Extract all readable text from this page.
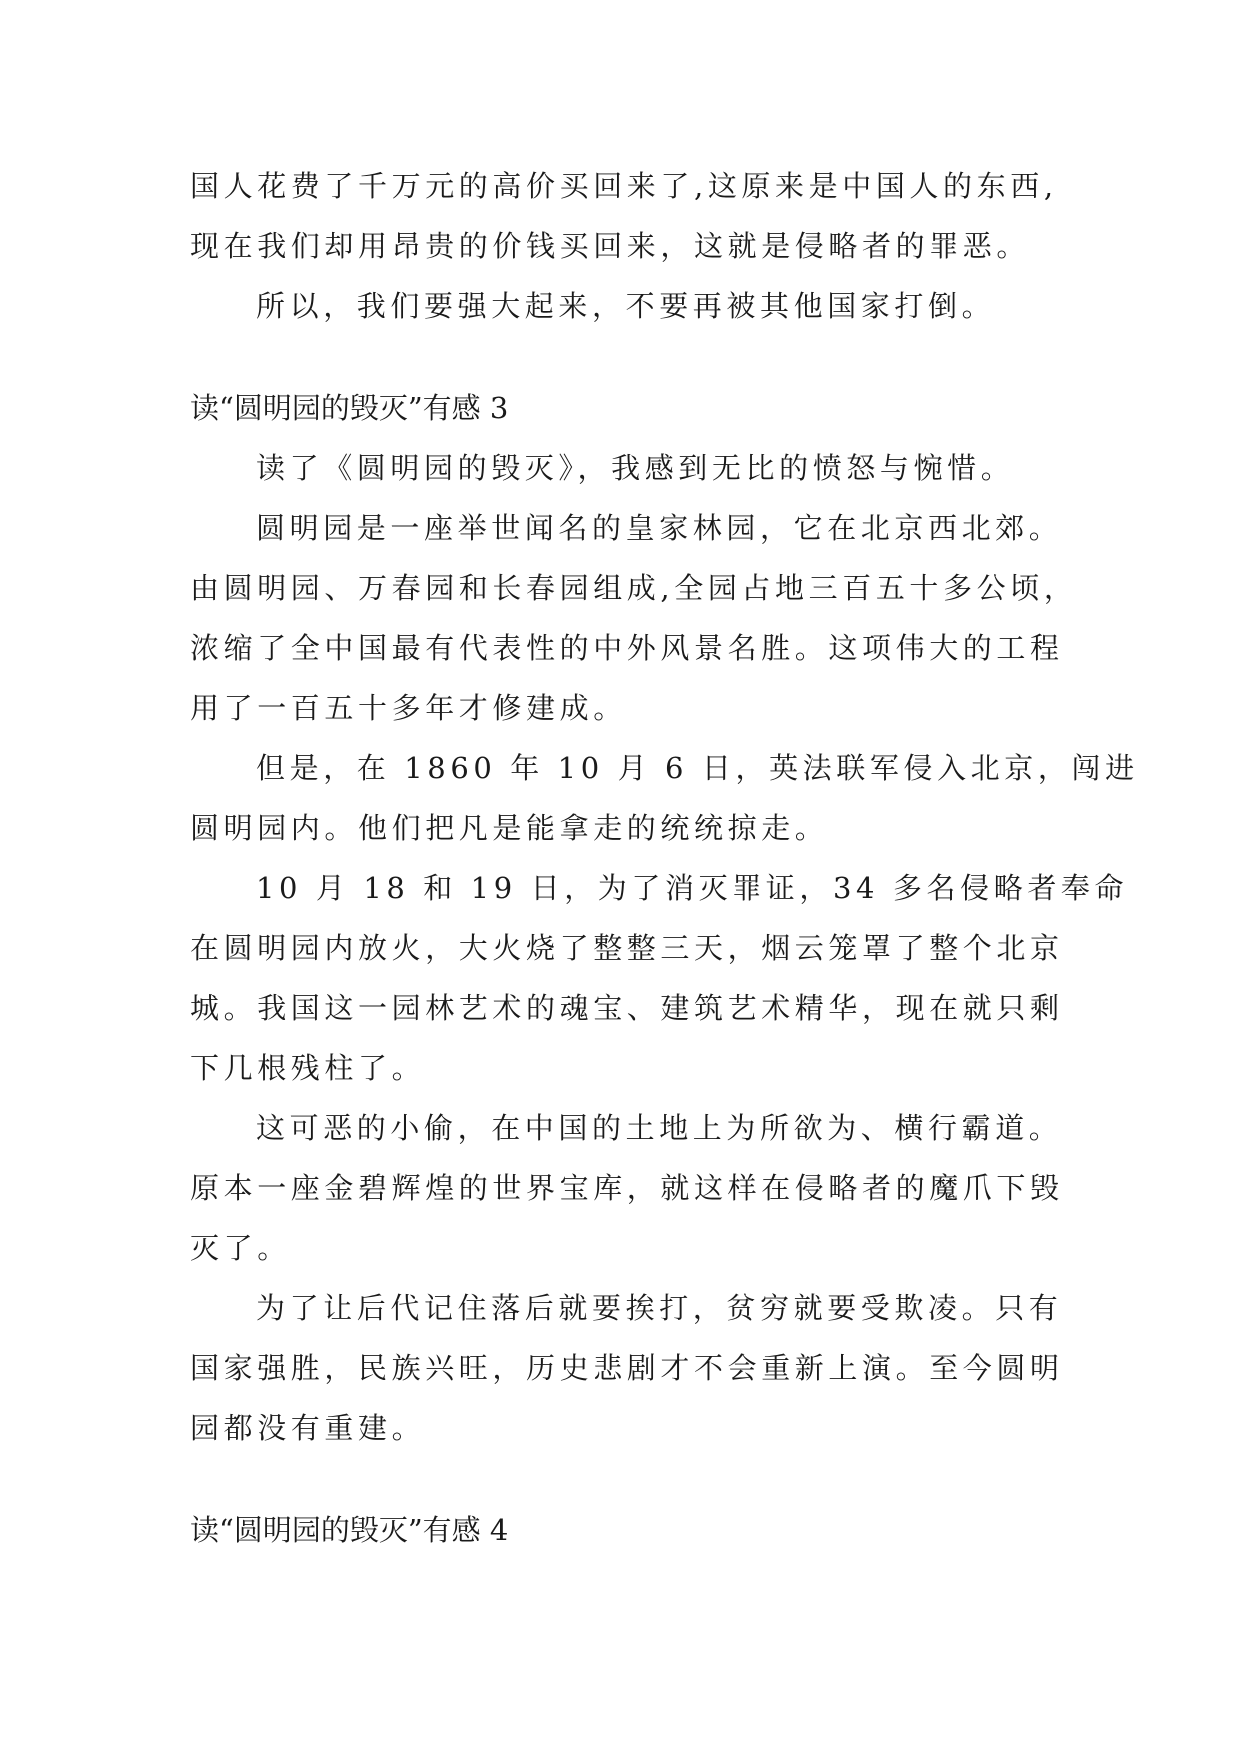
国人花费了千万元的高价买回来了,这原来是中国人的东西,
现在我们却用昂贵的价钱买回来，这就是侵略者的罪恶。
所以，我们要强大起来，不要再被其他国家打倒。
读“圆明园的毁灭”有感 3
读了《圆明园的毁灭》，我感到无比的愤怒与惋惜。
圆明园是一座举世闻名的皇家林园，它在北京西北郊。
由圆明园、万春园和长春园组成,全园占地三百五十多公顷，
浓缩了全中国最有代表性的中外风景名胜。这项伟大的工程
用了一百五十多年才修建成。
但是，在 1860 年 10 月 6 日，英法联军侵入北京，闯进
圆明园内。他们把凡是能拿走的统统掠走。
10 月 18 和 19 日，为了消灭罪证，34 多名侵略者奉命
在圆明园内放火，大火烧了整整三天，烟云笼罩了整个北京
城。我国这一园林艺术的魂宝、建筑艺术精华，现在就只剩
下几根残柱了。
这可恶的小偷，在中国的土地上为所欲为、横行霸道。
原本一座金碧辉煌的世界宝库，就这样在侵略者的魔爪下毁
灭了。
为了让后代记住落后就要挨打，贫穷就要受欺凌。只有
国家强胜，民族兴旺，历史悲剧才不会重新上演。至今圆明
园都没有重建。
读“圆明园的毁灭”有感 4
